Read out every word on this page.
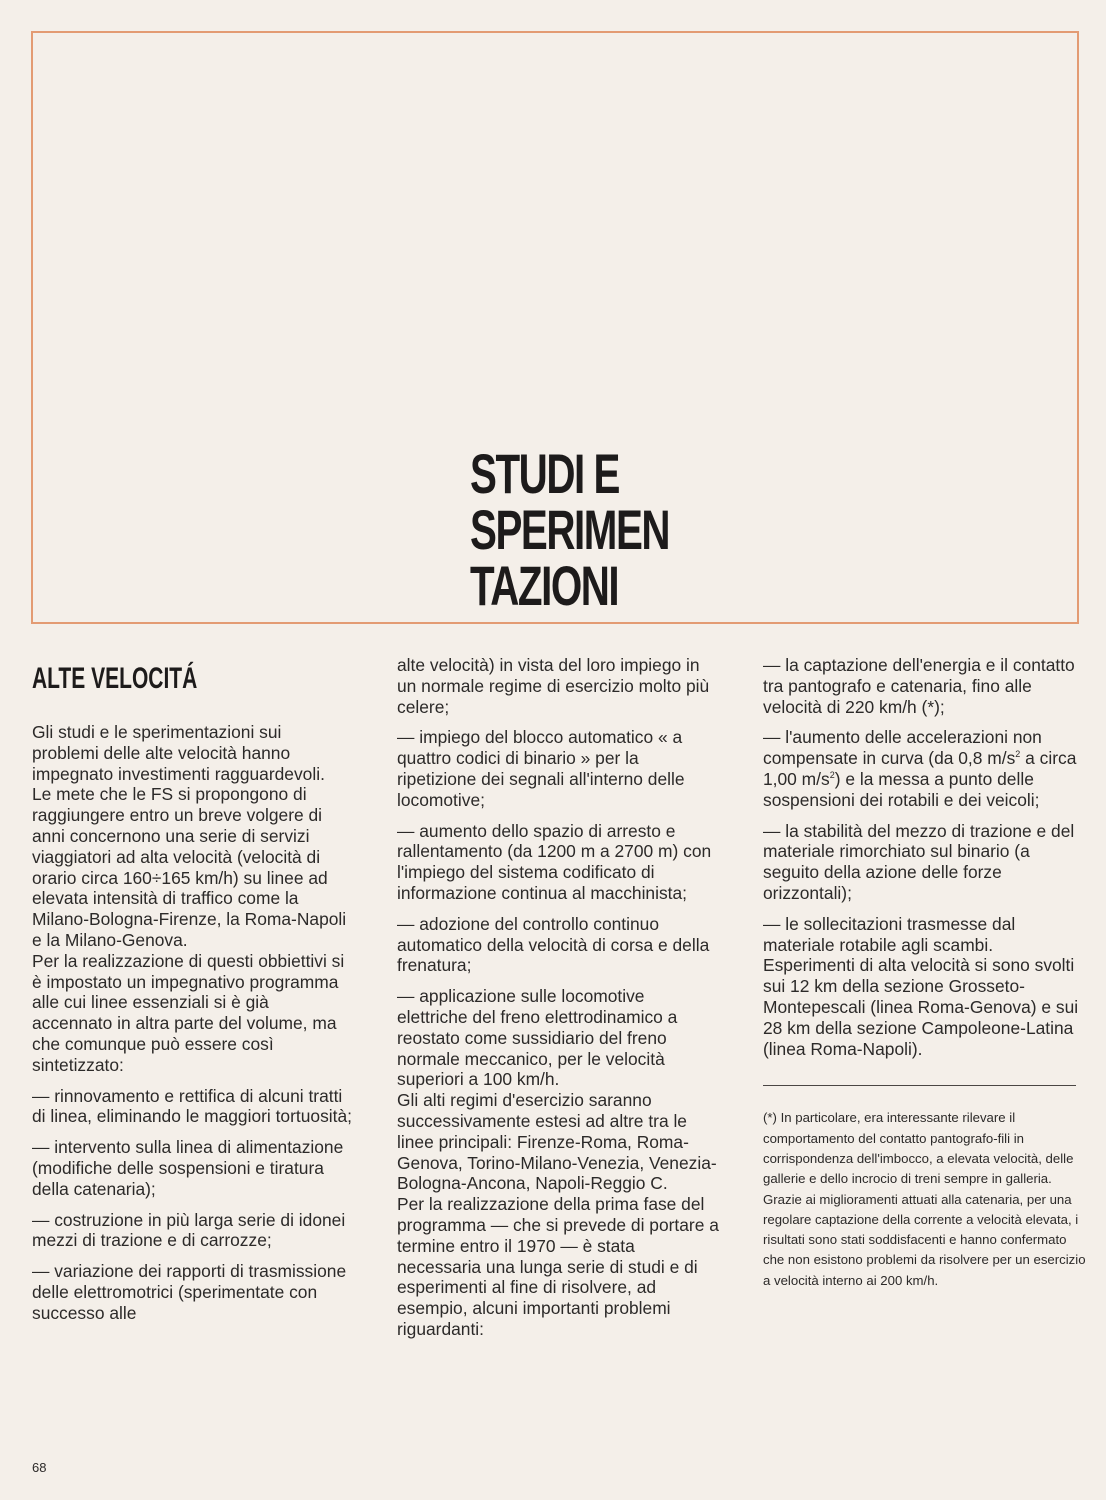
STUDI E
SPERIMEN
TAZIONI
ALTE VELOCITÁ

Gli studi e le sperimentazioni sui problemi delle alte velocità hanno impegnato investimenti ragguardevoli.

Le mete che le FS si propongono di raggiungere entro un breve volgere di anni concernono una serie di servizi viaggiatori ad alta velocità (velocità di orario circa 160÷165 km/h) su linee ad elevata intensità di traffico come la Milano-Bologna-Firenze, la Roma-Napoli e la Milano-Genova.

Per la realizzazione di questi obbiettivi si è impostato un impegnativo programma alle cui linee essenziali si è già accennato in altra parte del volume, ma che comunque può essere così sintetizzato:

— rinnovamento e rettifica di alcuni tratti di linea, eliminando le maggiori tortuosità;

— intervento sulla linea di alimentazione (modifiche delle sospensioni e tiratura della catenaria);

— costruzione in più larga serie di idonei mezzi di trazione e di carrozze;

— variazione dei rapporti di trasmissione delle elettromotrici (sperimentate con successo alle

alte velocità) in vista del loro impiego in un normale regime di esercizio molto più celere;

— impiego del blocco automatico « a quattro codici di binario » per la ripetizione dei segnali all'interno delle locomotive;

— aumento dello spazio di arresto e rallentamento (da 1200 m a 2700 m) con l'impiego del sistema codificato di informazione continua al macchinista;

— adozione del controllo continuo automatico della velocità di corsa e della frenatura;

— applicazione sulle locomotive elettriche del freno elettrodinamico a reostato come sussidiario del freno normale meccanico, per le velocità superiori a 100 km/h.

Gli alti regimi d'esercizio saranno successivamente estesi ad altre tra le linee principali: Firenze-Roma, Roma-Genova, Torino-Milano-Venezia, Venezia-Bologna-Ancona, Napoli-Reggio C.

Per la realizzazione della prima fase del programma — che si prevede di portare a termine entro il 1970 — è stata necessaria una lunga serie di studi e di esperimenti al fine di risolvere, ad esempio, alcuni importanti problemi riguardanti:

— la captazione dell'energia e il contatto tra pantografo e catenaria, fino alle velocità di 220 km/h (*);

— l'aumento delle accelerazioni non compensate in curva (da 0,8 $m/s^2$ a circa 1,00 $m/s^2$) e la messa a punto delle sospensioni dei rotabili e dei veicoli;

— la stabilità del mezzo di trazione e del materiale rimorchiato sul binario (a seguito della azione delle forze orizzontali);

— le sollecitazioni trasmesse dal materiale rotabile agli scambi.

Esperimenti di alta velocità si sono svolti sui 12 km della sezione Grosseto-Montepescali (linea Roma-Genova) e sui 28 km della sezione Campoleone-Latina (linea Roma-Napoli).

(*) In particolare, era interessante rilevare il comportamento del contatto pantografo-fili in corrispondenza dell'imbocco, a elevata velocità, delle gallerie e dello incrocio di treni sempre in galleria. Grazie ai miglioramenti attuati alla catenaria, per una regolare captazione della corrente a velocità elevata, i risultati sono stati soddisfacenti e hanno confermato che non esistono problemi da risolvere per un esercizio a velocità interno ai 200 km/h.
68
